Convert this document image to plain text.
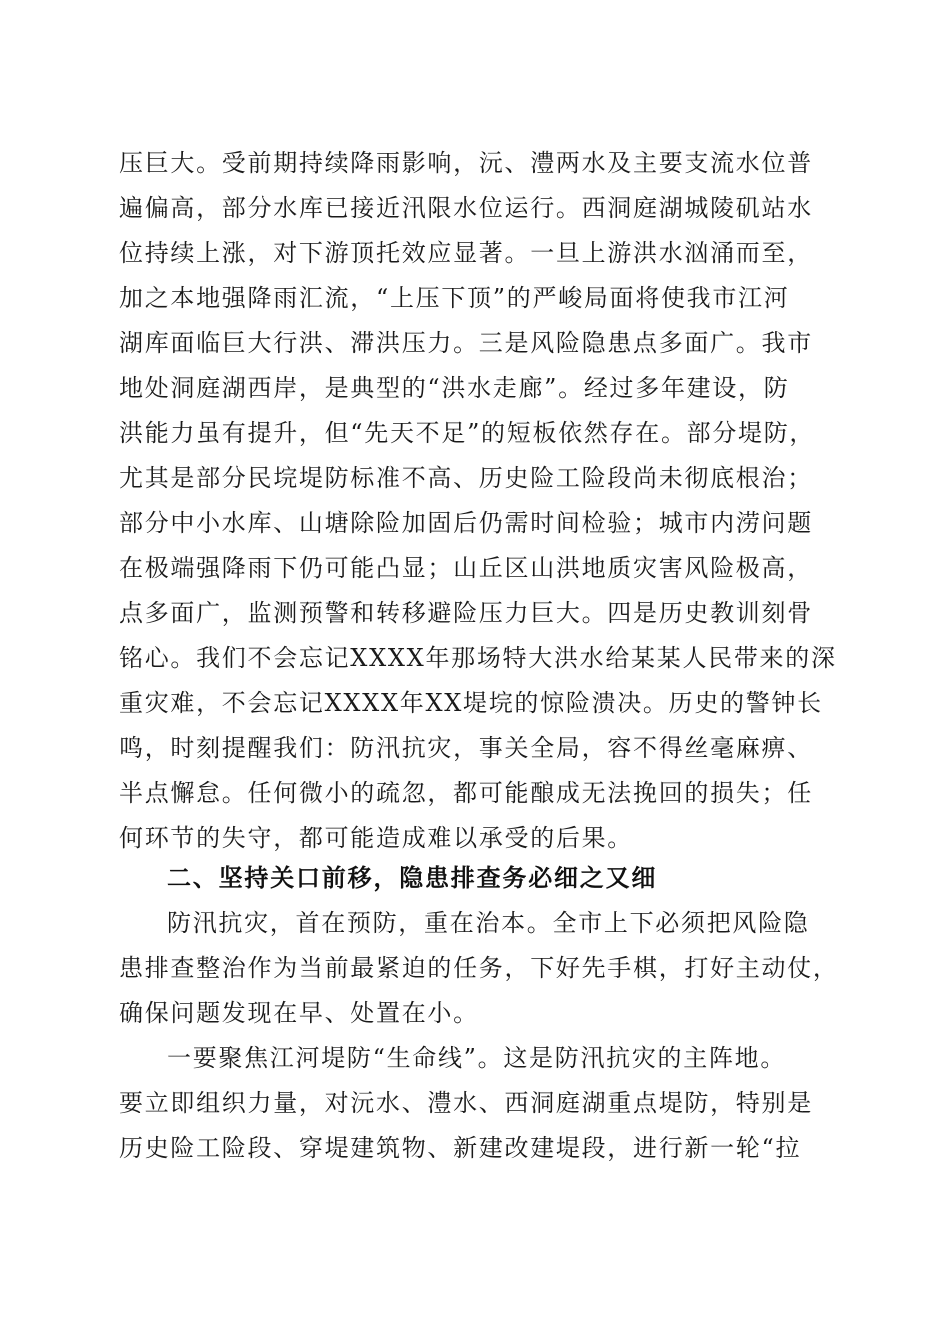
压巨大。受前期持续降雨影响，沅、澧两水及主要支流水位普

遍偏高，部分水库已接近汛限水位运行。西洞庭湖城陵矶站水

位持续上涨，对下游顶托效应显著。一旦上游洪水汹涌而至，

加之本地强降雨汇流，“上压下顶”的严峻局面将使我市江河

湖库面临巨大行洪、滞洪压力。三是风险隐患点多面广。我市

地处洞庭湖西岸，是典型的“洪水走廊”。经过多年建设，防

洪能力虽有提升，但“先天不足”的短板依然存在。部分堤防，

尤其是部分民垸堤防标准不高、历史险工险段尚未彻底根治；

部分中小水库、山塘除险加固后仍需时间检验；城市内涝问题

在极端强降雨下仍可能凸显；山丘区山洪地质灾害风险极高，

点多面广，监测预警和转移避险压力巨大。四是历史教训刻骨

铭心。我们不会忘记XXXX年那场特大洪水给某某人民带来的深

重灾难，不会忘记XXXX年XX堤垸的惊险溃决。历史的警钟长

鸣，时刻提醒我们：防汛抗灾，事关全局，容不得丝毫麻痹、

半点懈怠。任何微小的疏忽，都可能酿成无法挽回的损失；任

何环节的失守，都可能造成难以承受的后果。

二、坚持关口前移，隐患排查务必细之又细

防汛抗灾，首在预防，重在治本。全市上下必须把风险隐

患排查整治作为当前最紧迫的任务，下好先手棋，打好主动仗，

确保问题发现在早、处置在小。

一要聚焦江河堤防“生命线”。这是防汛抗灾的主阵地。

要立即组织力量，对沅水、澧水、西洞庭湖重点堤防，特别是

历史险工险段、穿堤建筑物、新建改建堤段，进行新一轮“拉
